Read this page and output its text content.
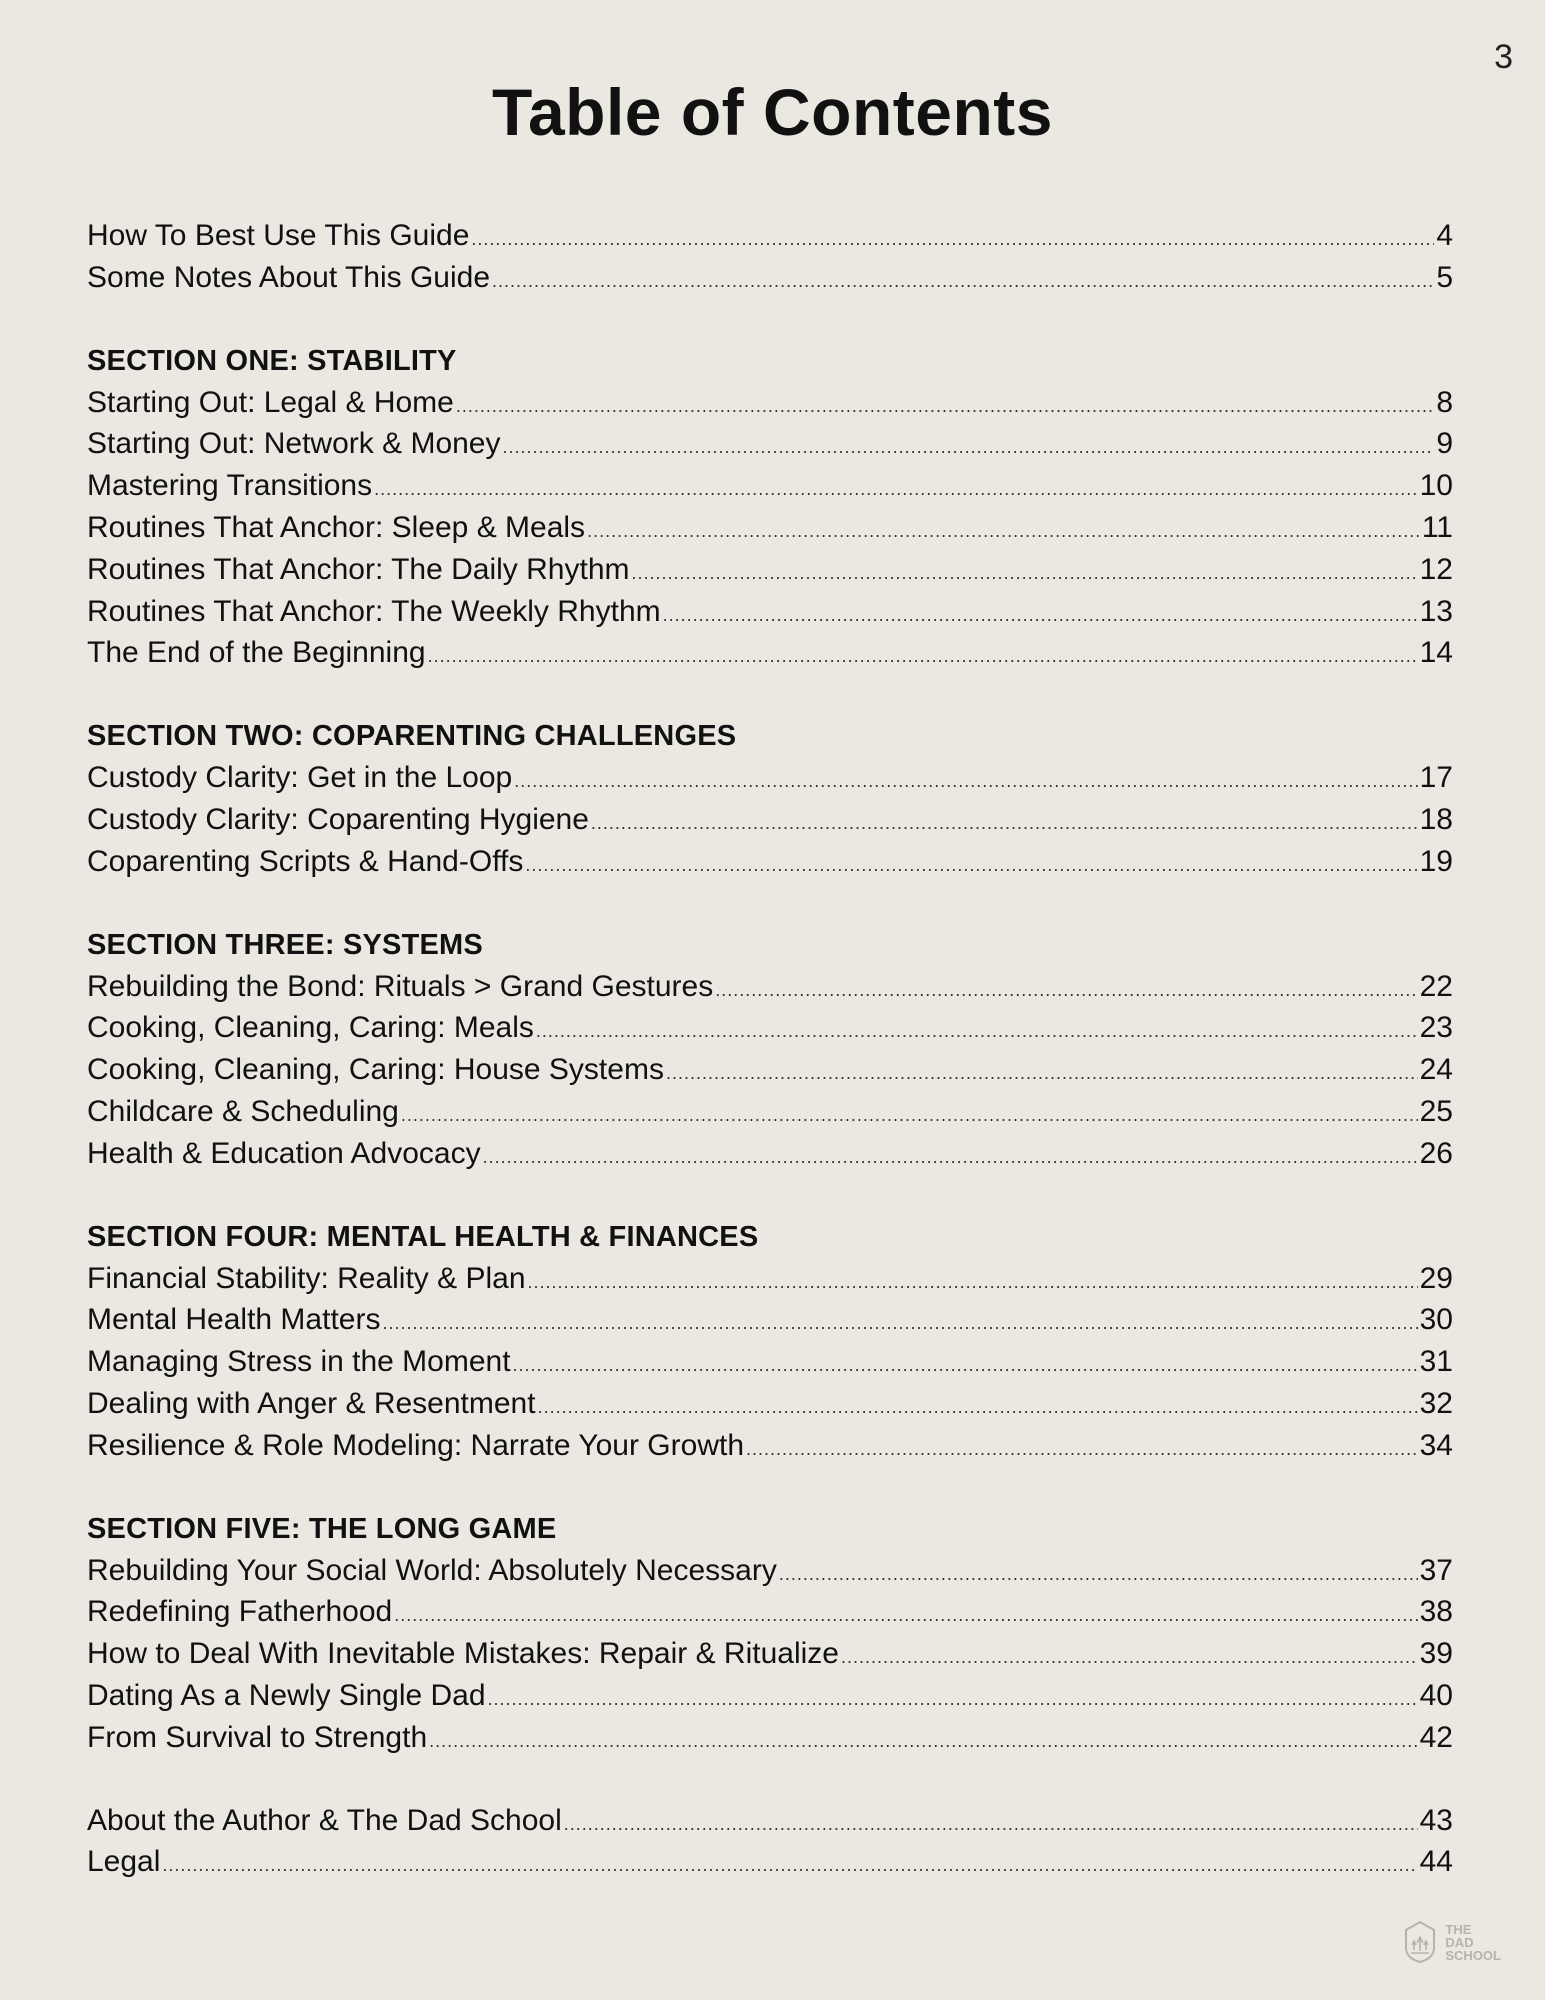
3
Table of Contents
How To Best Use This Guide .....	4
Some Notes About This Guide .....	5
SECTION ONE: STABILITY
Starting Out: Legal & Home .....	8
Starting Out: Network & Money .....	9
Mastering Transitions .....	10
Routines That Anchor: Sleep & Meals .....	11
Routines That Anchor: The Daily Rhythm .....	12
Routines That Anchor: The Weekly Rhythm .....	13
The End of the Beginning .....	14
SECTION TWO: COPARENTING CHALLENGES
Custody Clarity: Get in the Loop .....	17
Custody Clarity: Coparenting Hygiene .....	18
Coparenting Scripts & Hand-Offs .....	19
SECTION THREE: SYSTEMS
Rebuilding the Bond: Rituals > Grand Gestures .....	22
Cooking, Cleaning, Caring: Meals .....	23
Cooking, Cleaning, Caring: House Systems .....	24
Childcare & Scheduling .....	25
Health & Education Advocacy .....	26
SECTION FOUR: MENTAL HEALTH & FINANCES
Financial Stability: Reality & Plan .....	29
Mental Health Matters .....	30
Managing Stress in the Moment .....	31
Dealing with Anger & Resentment .....	32
Resilience & Role Modeling: Narrate Your Growth .....	34
SECTION FIVE: THE LONG GAME
Rebuilding Your Social World: Absolutely Necessary .....	37
Redefining Fatherhood .....	38
How to Deal With Inevitable Mistakes: Repair & Ritualize .....	39
Dating As a Newly Single Dad .....	40
From Survival to Strength .....	42
About the Author & The Dad School .....	43
Legal .....	44
THE
DAD
SCHOOL
